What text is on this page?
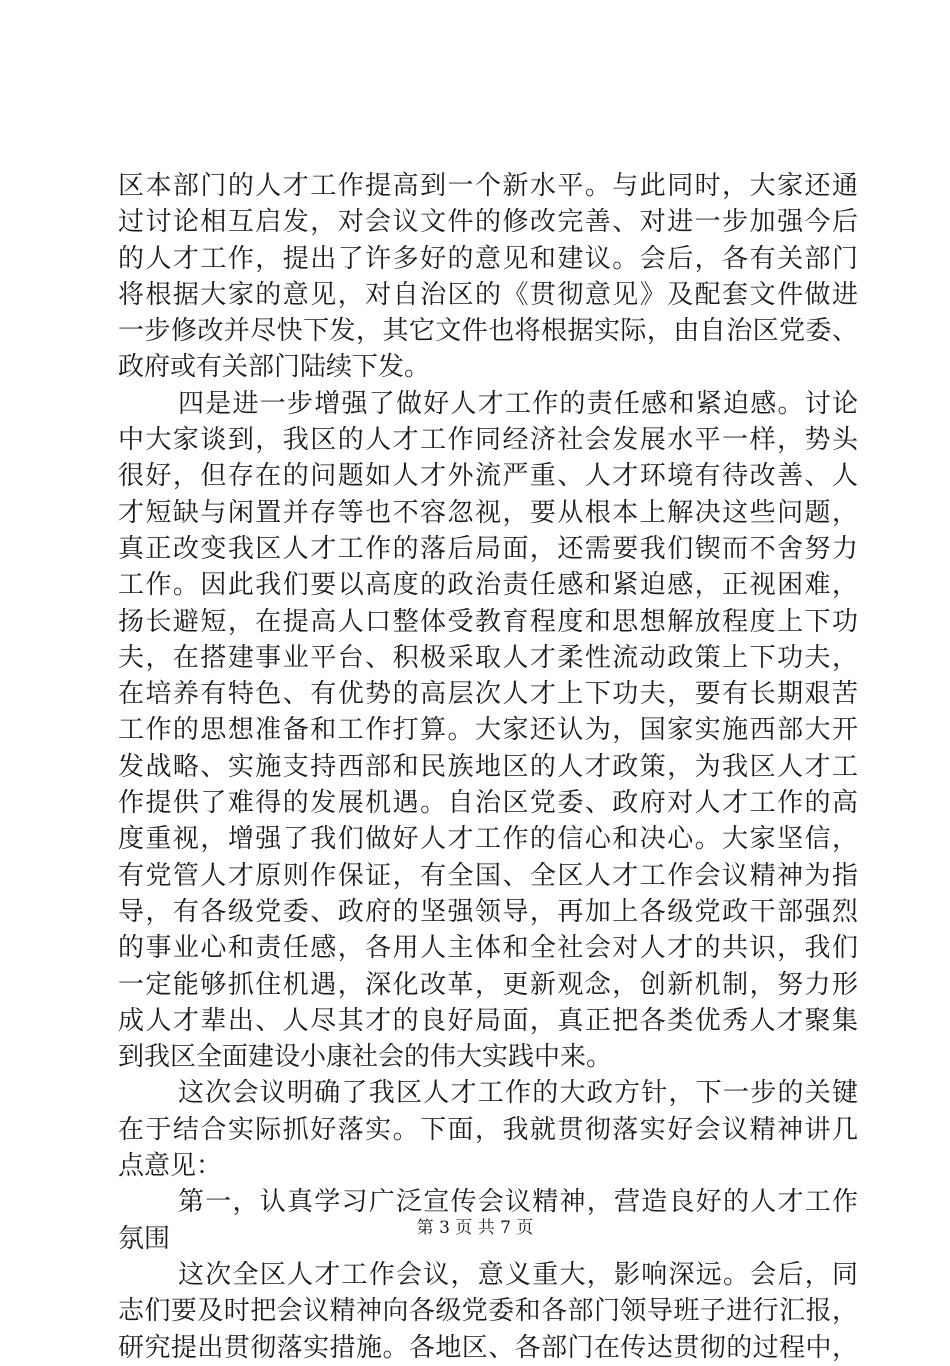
区本部门的人才工作提高到一个新水平。与此同时，大家还通
过讨论相互启发，对会议文件的修改完善、对进一步加强今后
的人才工作，提出了许多好的意见和建议。会后，各有关部门
将根据大家的意见，对自治区的《贯彻意见》及配套文件做进
一步修改并尽快下发，其它文件也将根据实际，由自治区党委、
政府或有关部门陆续下发。
四是进一步增强了做好人才工作的责任感和紧迫感。讨论
中大家谈到，我区的人才工作同经济社会发展水平一样，势头
很好，但存在的问题如人才外流严重、人才环境有待改善、人
才短缺与闲置并存等也不容忽视，要从根本上解决这些问题，
真正改变我区人才工作的落后局面，还需要我们锲而不舍努力
工作。因此我们要以高度的政治责任感和紧迫感，正视困难，
扬长避短，在提高人口整体受教育程度和思想解放程度上下功
夫，在搭建事业平台、积极采取人才柔性流动政策上下功夫，
在培养有特色、有优势的高层次人才上下功夫，要有长期艰苦
工作的思想准备和工作打算。大家还认为，国家实施西部大开
发战略、实施支持西部和民族地区的人才政策，为我区人才工
作提供了难得的发展机遇。自治区党委、政府对人才工作的高
度重视，增强了我们做好人才工作的信心和决心。大家坚信，
有党管人才原则作保证，有全国、全区人才工作会议精神为指
导，有各级党委、政府的坚强领导，再加上各级党政干部强烈
的事业心和责任感，各用人主体和全社会对人才的共识，我们
一定能够抓住机遇，深化改革，更新观念，创新机制，努力形
成人才辈出、人尽其才的良好局面，真正把各类优秀人才聚集
到我区全面建设小康社会的伟大实践中来。
这次会议明确了我区人才工作的大政方针，下一步的关键
在于结合实际抓好落实。下面，我就贯彻落实好会议精神讲几
点意见：
第一，认真学习广泛宣传会议精神，营造良好的人才工作
氛围
这次全区人才工作会议，意义重大，影响深远。会后，同
志们要及时把会议精神向各级党委和各部门领导班子进行汇报，
研究提出贯彻落实措施。各地区、各部门在传达贯彻的过程中，
第 3 页 共 7 页
